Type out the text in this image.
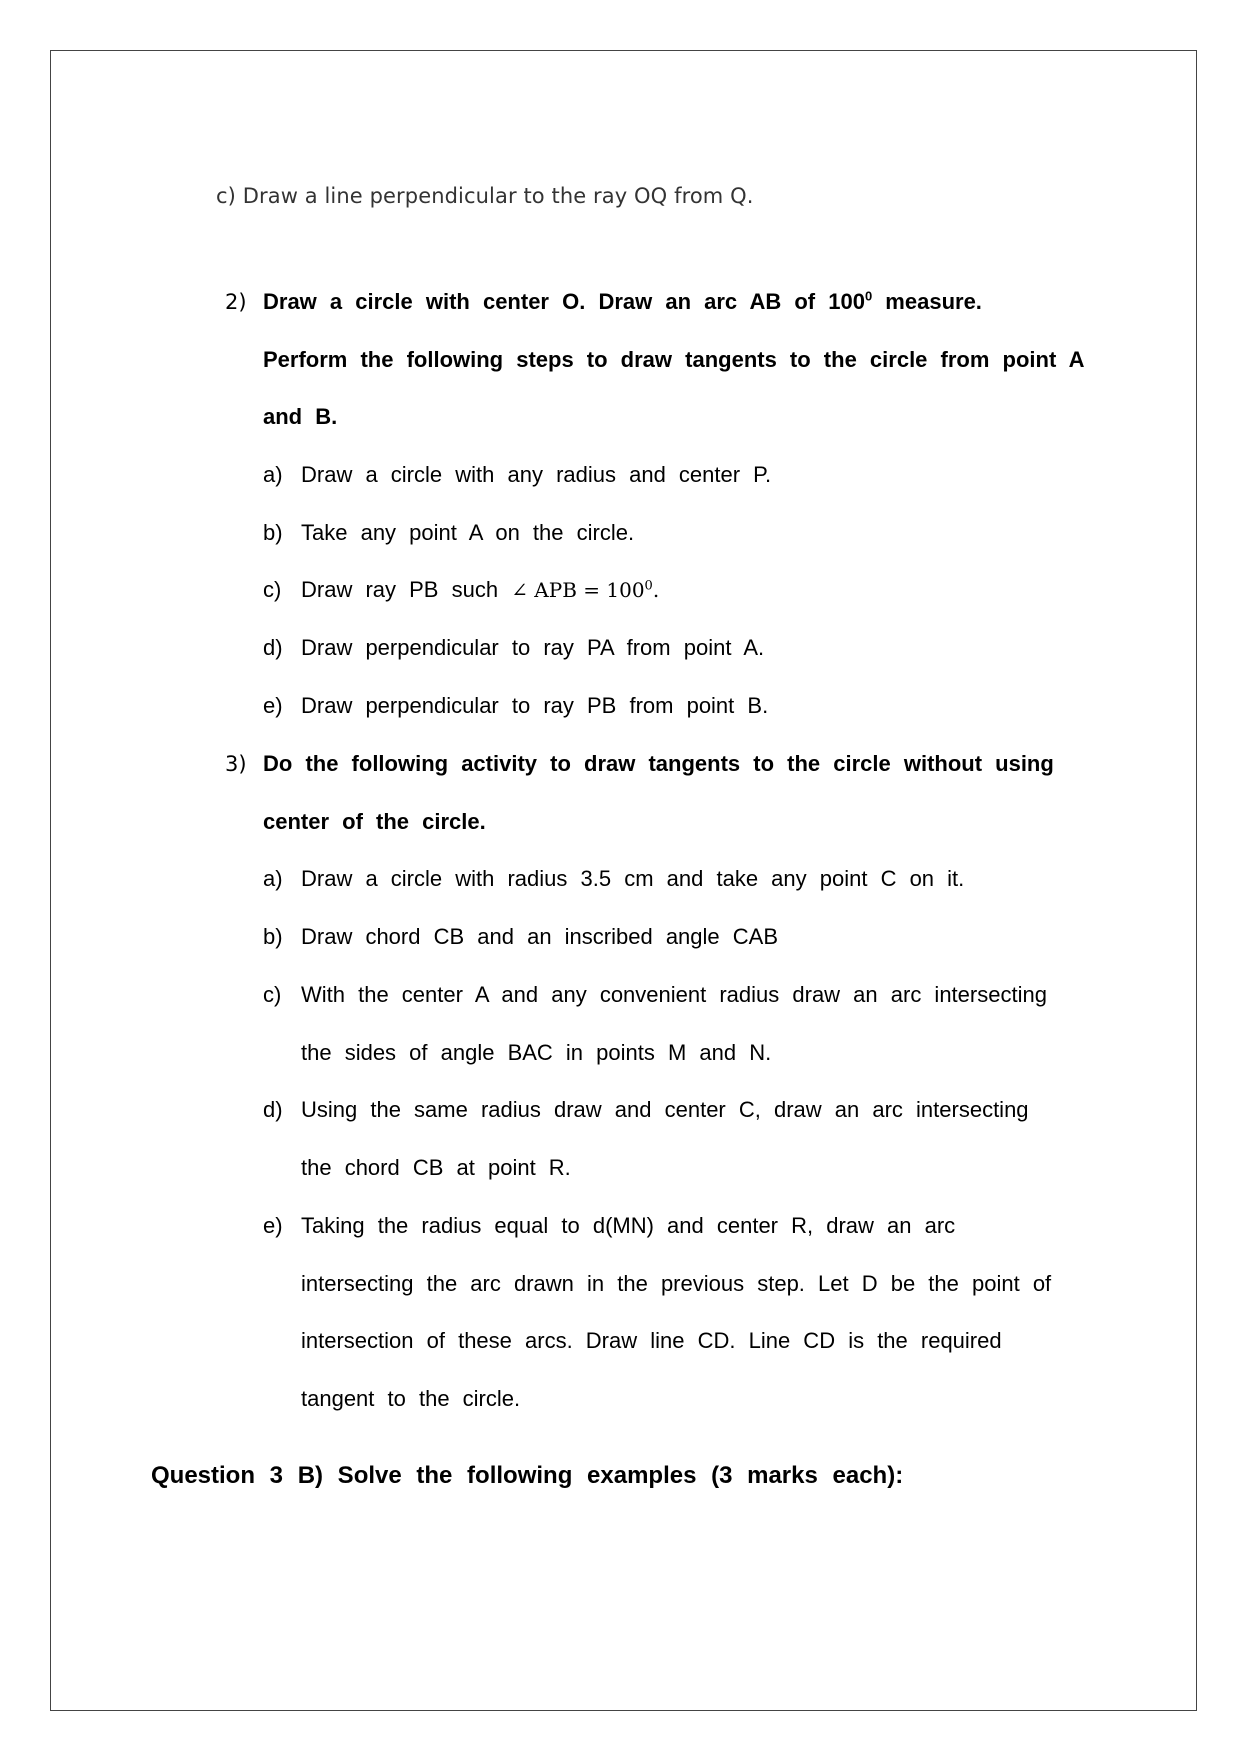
c) Draw a line perpendicular to the ray OQ from Q.
2) Draw a circle with center O. Draw an arc AB of $100^0$ measure.
Perform the following steps to draw tangents to the circle from point A
and B.
a) Draw a circle with any radius and center P.
b) Take any point A on the circle.
c) Draw ray PB such ∠ APB = $100^0$.
d) Draw perpendicular to ray PA from point A.
e) Draw perpendicular to ray PB from point B.
3) Do the following activity to draw tangents to the circle without using
center of the circle.
a) Draw a circle with radius 3.5 cm and take any point C on it.
b) Draw chord CB and an inscribed angle CAB
c) With the center A and any convenient radius draw an arc intersecting
the sides of angle BAC in points M and N.
d) Using the same radius draw and center C, draw an arc intersecting
the chord CB at point R.
e) Taking the radius equal to d(MN) and center R, draw an arc
intersecting the arc drawn in the previous step. Let D be the point of
intersection of these arcs. Draw line CD. Line CD is the required
tangent to the circle.
Question 3 B) Solve the following examples (3 marks each):
